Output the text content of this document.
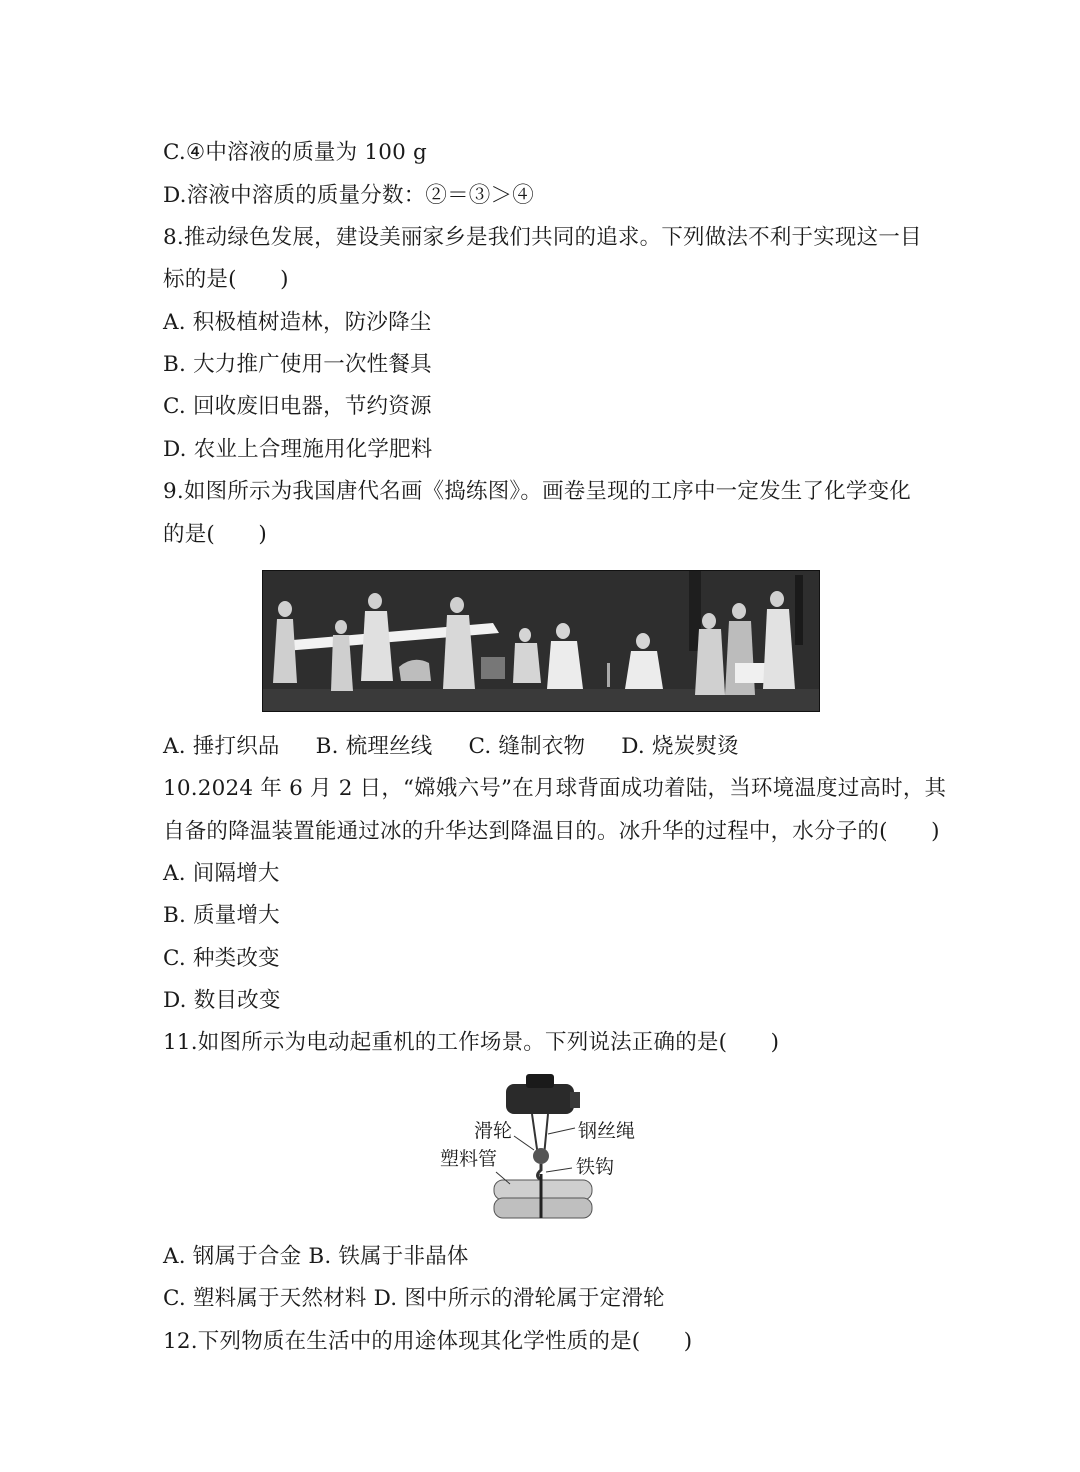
C.④中溶液的质量为 100 g
D.溶液中溶质的质量分数：②＝③＞④
8.推动绿色发展，建设美丽家乡是我们共同的追求。下列做法不利于实现这一目
标的是(　　)
A. 积极植树造林，防沙降尘
B. 大力推广使用一次性餐具
C. 回收废旧电器，节约资源
D. 农业上合理施用化学肥料
9.如图所示为我国唐代名画《捣练图》。画卷呈现的工序中一定发生了化学变化
的是(　　)
A. 捶打织品 B. 梳理丝线 C. 缝制衣物 D. 烧炭熨烫
10.2024 年 6 月 2 日，“嫦娥六号”在月球背面成功着陆，当环境温度过高时，其
自备的降温装置能通过冰的升华达到降温目的。冰升华的过程中，水分子的(　　)
A. 间隔增大
B. 质量增大
C. 种类改变
D. 数目改变
11.如图所示为电动起重机的工作场景。下列说法正确的是(　　)
滑轮	钢丝绳
塑料管	铁钩
A. 钢属于合金 B. 铁属于非晶体
C. 塑料属于天然材料 D. 图中所示的滑轮属于定滑轮
12.下列物质在生活中的用途体现其化学性质的是(　　)
